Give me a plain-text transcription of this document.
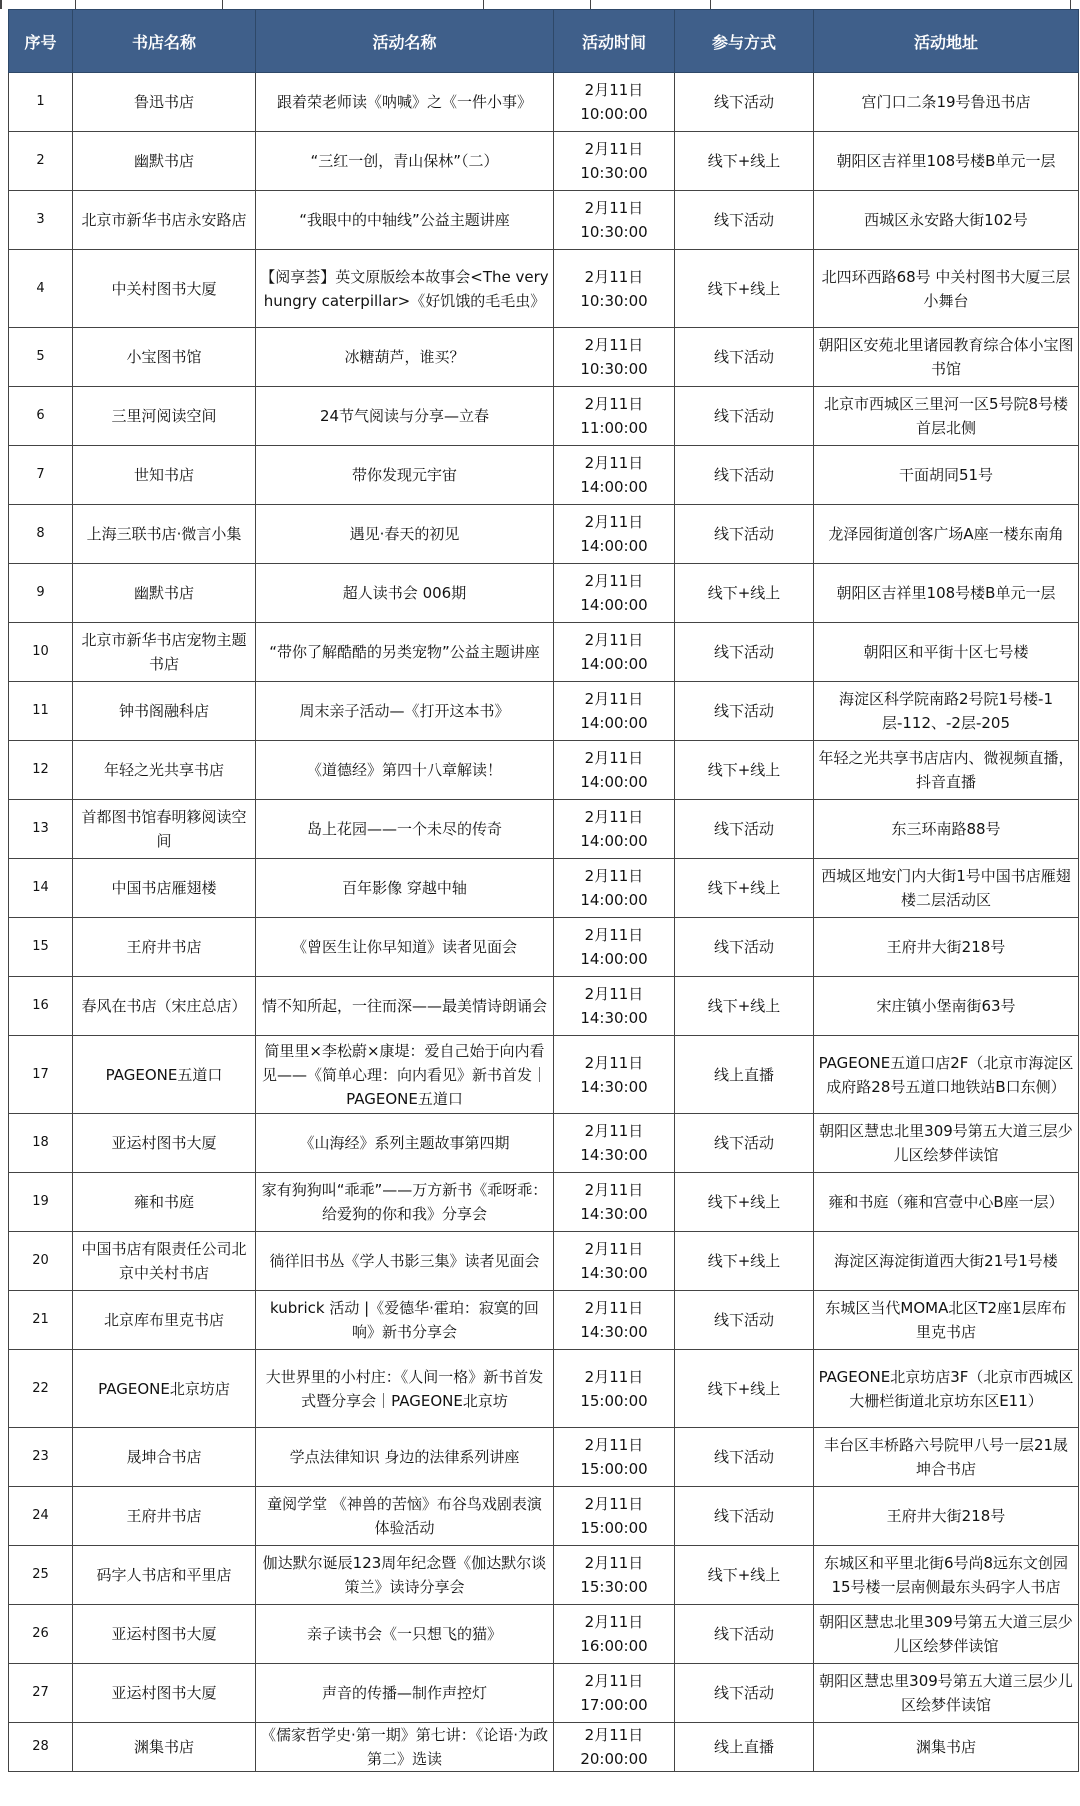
序号	书店名称	活动名称	活动时间	参与方式	活动地址
1	鲁迅书店	跟着荣老师读《呐喊》之《一件小事》	2月11日
10:00:00	线下活动	宫门口二条19号鲁迅书店
2	幽默书店	“三红一创，青山保林”（二）	2月11日
10:30:00	线下+线上	朝阳区吉祥里108号楼B单元一层
3	北京市新华书店永安路店	“我眼中的中轴线”公益主题讲座	2月11日
10:30:00	线下活动	西城区永安路大街102号
4	中关村图书大厦	【阅享荟】英文原版绘本故事会<The very hungry caterpillar>《好饥饿的毛毛虫》	2月11日
10:30:00	线下+线上	北四环西路68号 中关村图书大厦三层小舞台
5	小宝图书馆	冰糖葫芦，谁买？	2月11日
10:30:00	线下活动	朝阳区安苑北里诸园教育综合体小宝图书馆
6	三里河阅读空间	24节气阅读与分享—立春	2月11日
11:00:00	线下活动	北京市西城区三里河一区5号院8号楼首层北侧
7	世知书店	带你发现元宇宙	2月11日
14:00:00	线下活动	干面胡同51号
8	上海三联书店·微言小集	遇见·春天的初见	2月11日
14:00:00	线下活动	龙泽园街道创客广场A座一楼东南角
9	幽默书店	超人读书会 006期	2月11日
14:00:00	线下+线上	朝阳区吉祥里108号楼B单元一层
10	北京市新华书店宠物主题书店	“带你了解酷酷的另类宠物”公益主题讲座	2月11日
14:00:00	线下活动	朝阳区和平街十区七号楼
11	钟书阁融科店	周末亲子活动—《打开这本书》	2月11日
14:00:00	线下活动	海淀区科学院南路2号院1号楼-1层-112、-2层-205
12	年轻之光共享书店	《道德经》第四十八章解读！	2月11日
14:00:00	线下+线上	年轻之光共享书店店内、微视频直播，抖音直播
13	首都图书馆春明簃阅读空间	岛上花园——一个未尽的传奇	2月11日
14:00:00	线下活动	东三环南路88号
14	中国书店雁翅楼	百年影像 穿越中轴	2月11日
14:00:00	线下+线上	西城区地安门内大街1号中国书店雁翅楼二层活动区
15	王府井书店	《曾医生让你早知道》读者见面会	2月11日
14:00:00	线下活动	王府井大街218号
16	春风在书店（宋庄总店）	情不知所起，一往而深——最美情诗朗诵会	2月11日
14:30:00	线下+线上	宋庄镇小堡南街63号
17	PAGEONE五道口	简里里×李松蔚×康堤：爱自己始于向内看见——《简单心理：向内看见》新书首发｜PAGEONE五道口	2月11日
14:30:00	线上直播	PAGEONE五道口店2F（北京市海淀区成府路28号五道口地铁站B口东侧）
18	亚运村图书大厦	《山海经》系列主题故事第四期	2月11日
14:30:00	线下活动	朝阳区慧忠北里309号第五大道三层少儿区绘梦伴读馆
19	雍和书庭	家有狗狗叫“乖乖”——万方新书《乖呀乖：给爱狗的你和我》分享会	2月11日
14:30:00	线下+线上	雍和书庭（雍和宫壹中心B座一层）
20	中国书店有限责任公司北京中关村书店	徜徉旧书丛《学人书影三集》读者见面会	2月11日
14:30:00	线下+线上	海淀区海淀街道西大街21号1号楼
21	北京库布里克书店	kubrick 活动 |《爱德华·霍珀：寂寞的回响》新书分享会	2月11日
14:30:00	线下活动	东城区当代MOMA北区T2座1层库布里克书店
22	PAGEONE北京坊店	大世界里的小村庄：《人间一格》新书首发式暨分享会｜PAGEONE北京坊	2月11日
15:00:00	线下+线上	PAGEONE北京坊店3F（北京市西城区大栅栏街道北京坊东区E11）
23	晟坤合书店	学点法律知识 身边的法律系列讲座	2月11日
15:00:00	线下活动	丰台区丰桥路六号院甲八号一层21晟坤合书店
24	王府井书店	童阅学堂 《神兽的苦恼》布谷鸟戏剧表演体验活动	2月11日
15:00:00	线下活动	王府井大街218号
25	码字人书店和平里店	伽达默尔诞辰123周年纪念暨《伽达默尔谈策兰》读诗分享会	2月11日
15:30:00	线下+线上	东城区和平里北街6号尚8远东文创园15号楼一层南侧最东头码字人书店
26	亚运村图书大厦	亲子读书会《一只想飞的猫》	2月11日
16:00:00	线下活动	朝阳区慧忠北里309号第五大道三层少儿区绘梦伴读馆
27	亚运村图书大厦	声音的传播—制作声控灯	2月11日
17:00:00	线下活动	朝阳区慧忠里309号第五大道三层少儿区绘梦伴读馆
28	渊集书店	《儒家哲学史·第一期》第七讲：《论语·为政第二》选读	2月11日
20:00:00	线上直播	渊集书店
